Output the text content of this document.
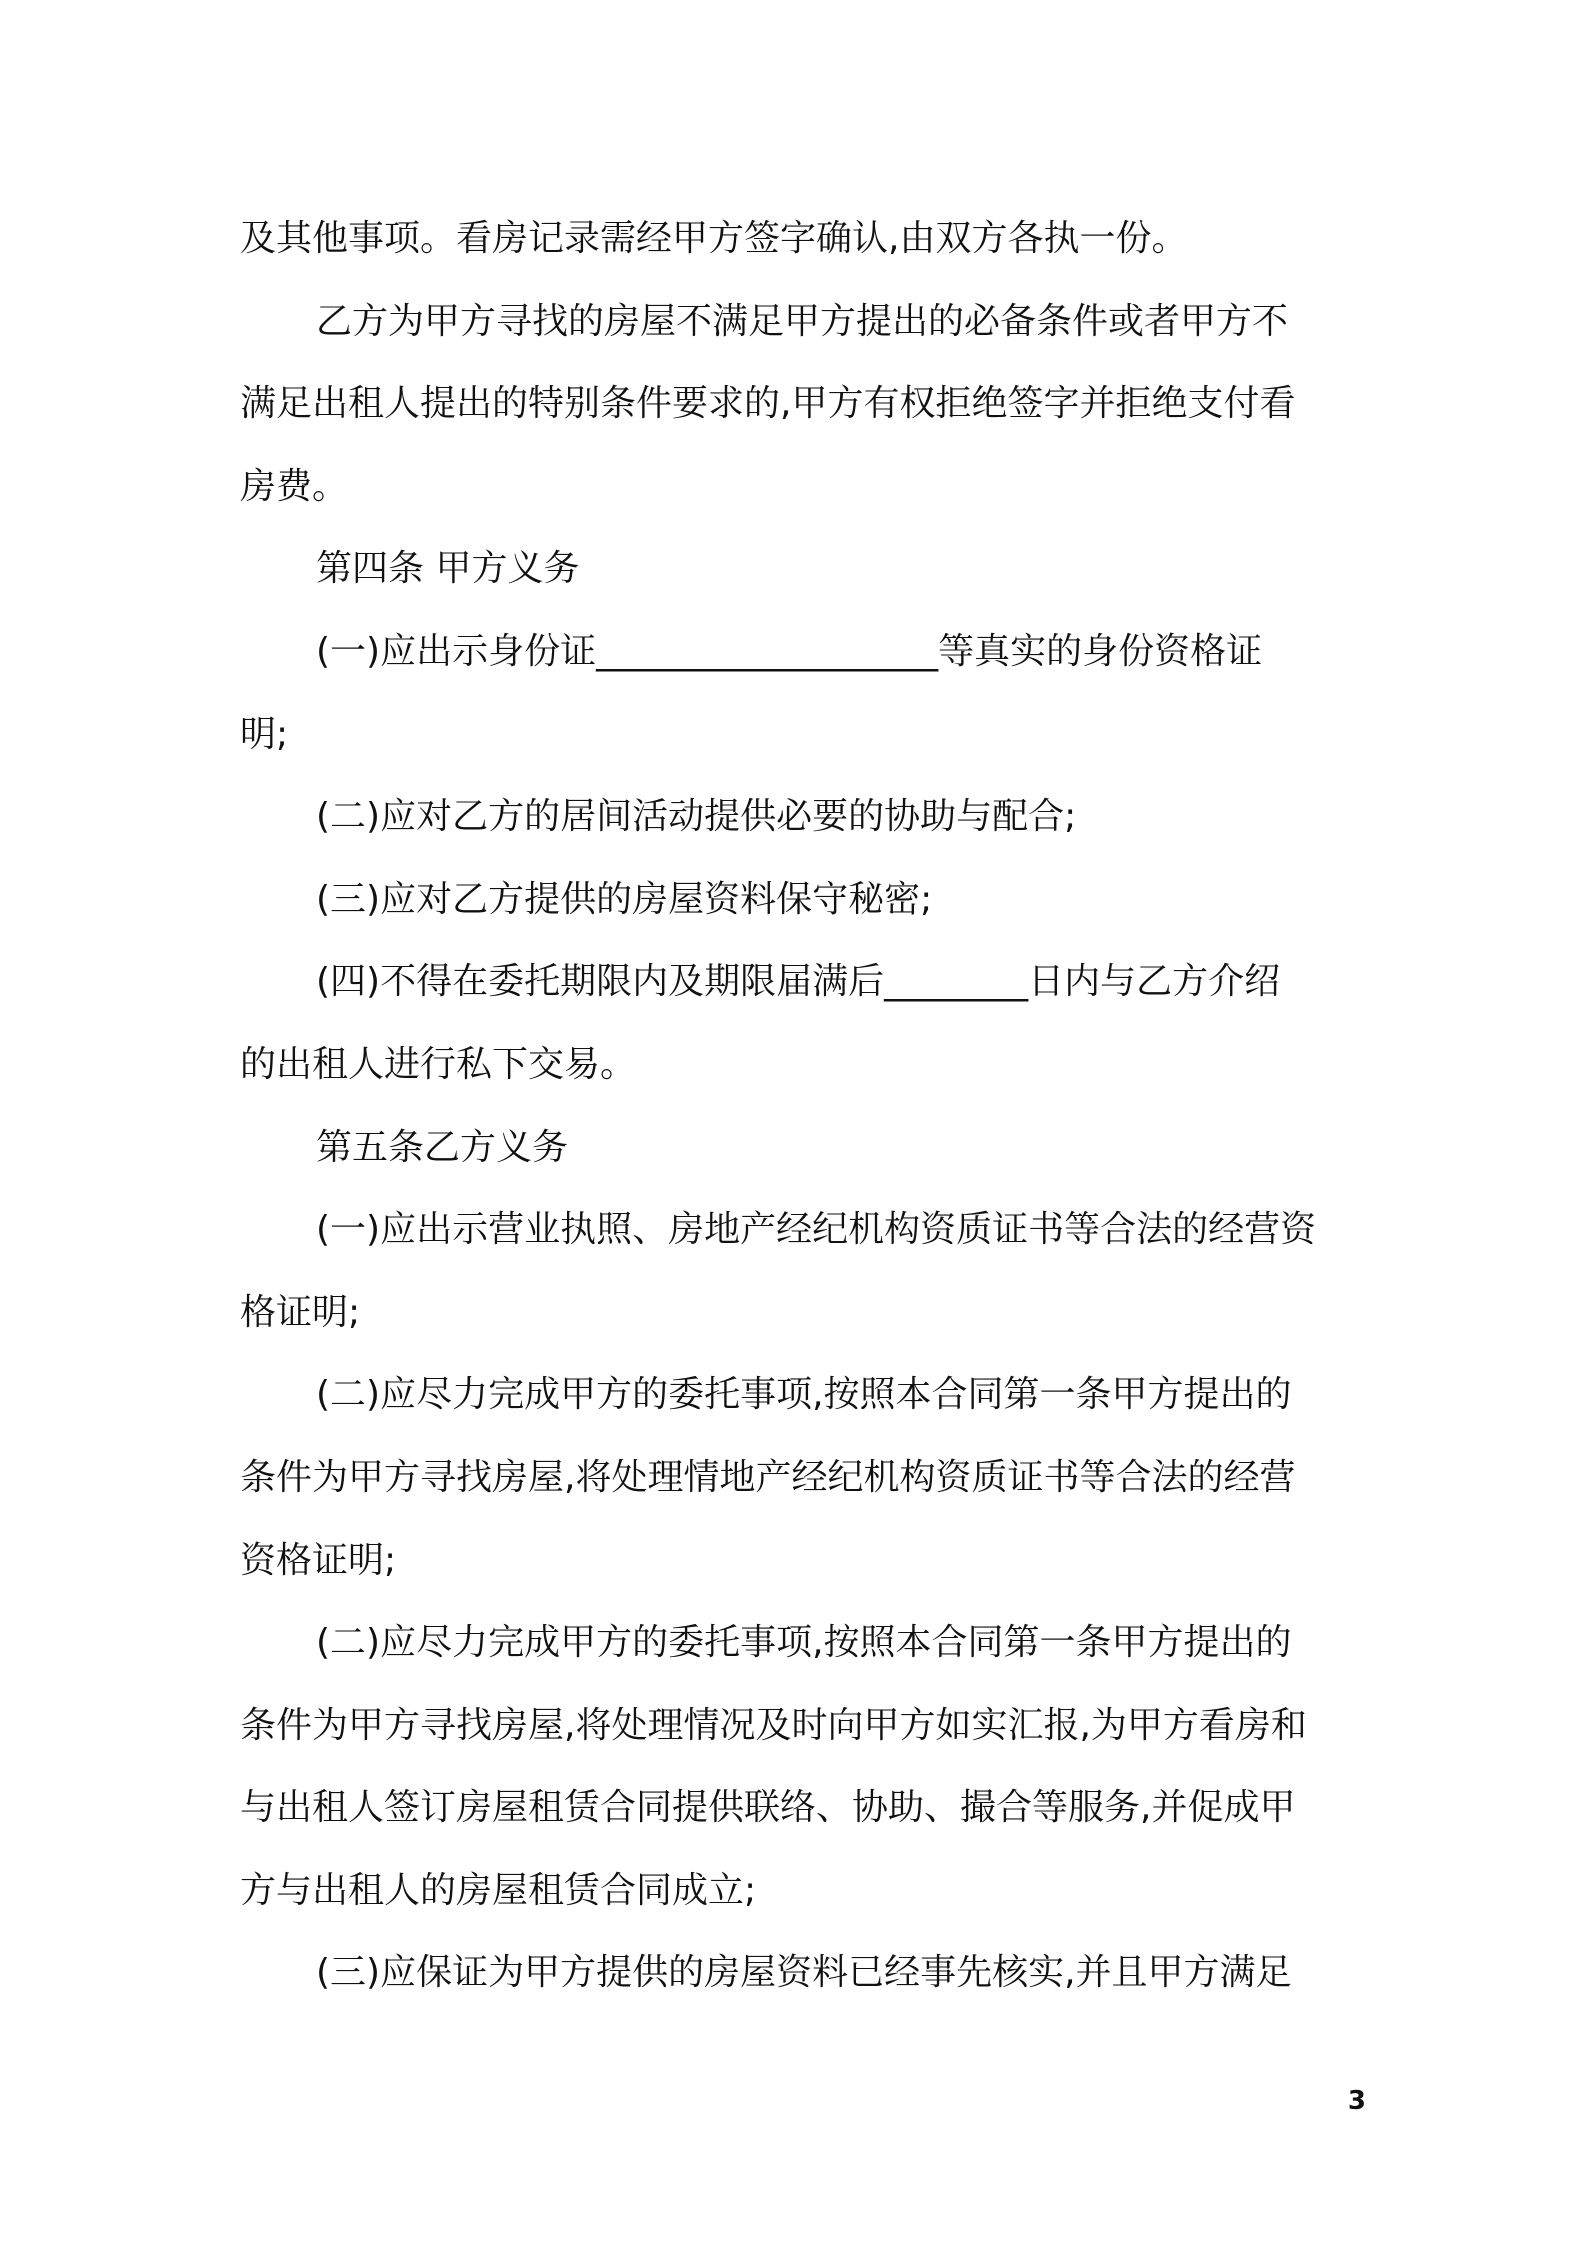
及其他事项。看房记录需经甲方签字确认,由双方各执一份。
乙方为甲方寻找的房屋不满足甲方提出的必备条件或者甲方不
满足出租人提出的特别条件要求的,甲方有权拒绝签字并拒绝支付看
房费。
第四条 甲方义务
(一)应出示身份证___________________等真实的身份资格证
明;
(二)应对乙方的居间活动提供必要的协助与配合;
(三)应对乙方提供的房屋资料保守秘密;
(四)不得在委托期限内及期限届满后________日内与乙方介绍
的出租人进行私下交易。
第五条乙方义务
(一)应出示营业执照、房地产经纪机构资质证书等合法的经营资
格证明;
(二)应尽力完成甲方的委托事项,按照本合同第一条甲方提出的
条件为甲方寻找房屋,将处理情地产经纪机构资质证书等合法的经营
资格证明;
(二)应尽力完成甲方的委托事项,按照本合同第一条甲方提出的
条件为甲方寻找房屋,将处理情况及时向甲方如实汇报,为甲方看房和
与出租人签订房屋租赁合同提供联络、协助、撮合等服务,并促成甲
方与出租人的房屋租赁合同成立;
(三)应保证为甲方提供的房屋资料已经事先核实,并且甲方满足
3
